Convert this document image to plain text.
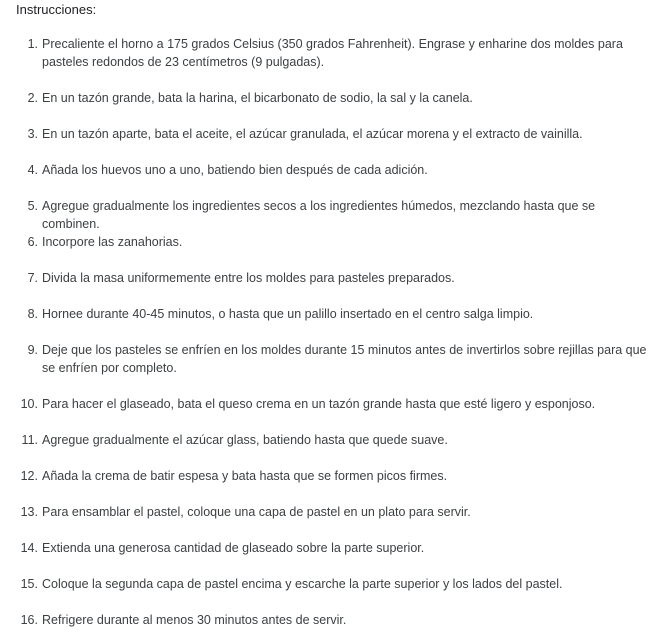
Instrucciones:
1. Precaliente el horno a 175 grados Celsius (350 grados Fahrenheit). Engrase y enharine dos moldes para pasteles redondos de 23 centímetros (9 pulgadas).
2. En un tazón grande, bata la harina, el bicarbonato de sodio, la sal y la canela.
3. En un tazón aparte, bata el aceite, el azúcar granulada, el azúcar morena y el extracto de vainilla.
4. Añada los huevos uno a uno, batiendo bien después de cada adición.
5. Agregue gradualmente los ingredientes secos a los ingredientes húmedos, mezclando hasta que se combinen.
6. Incorpore las zanahorias.
7. Divida la masa uniformemente entre los moldes para pasteles preparados.
8. Hornee durante 40-45 minutos, o hasta que un palillo insertado en el centro salga limpio.
9. Deje que los pasteles se enfríen en los moldes durante 15 minutos antes de invertirlos sobre rejillas para que se enfríen por completo.
10. Para hacer el glaseado, bata el queso crema en un tazón grande hasta que esté ligero y esponjoso.
11. Agregue gradualmente el azúcar glass, batiendo hasta que quede suave.
12. Añada la crema de batir espesa y bata hasta que se formen picos firmes.
13. Para ensamblar el pastel, coloque una capa de pastel en un plato para servir.
14. Extienda una generosa cantidad de glaseado sobre la parte superior.
15. Coloque la segunda capa de pastel encima y escarche la parte superior y los lados del pastel.
16. Refrigere durante al menos 30 minutos antes de servir.
